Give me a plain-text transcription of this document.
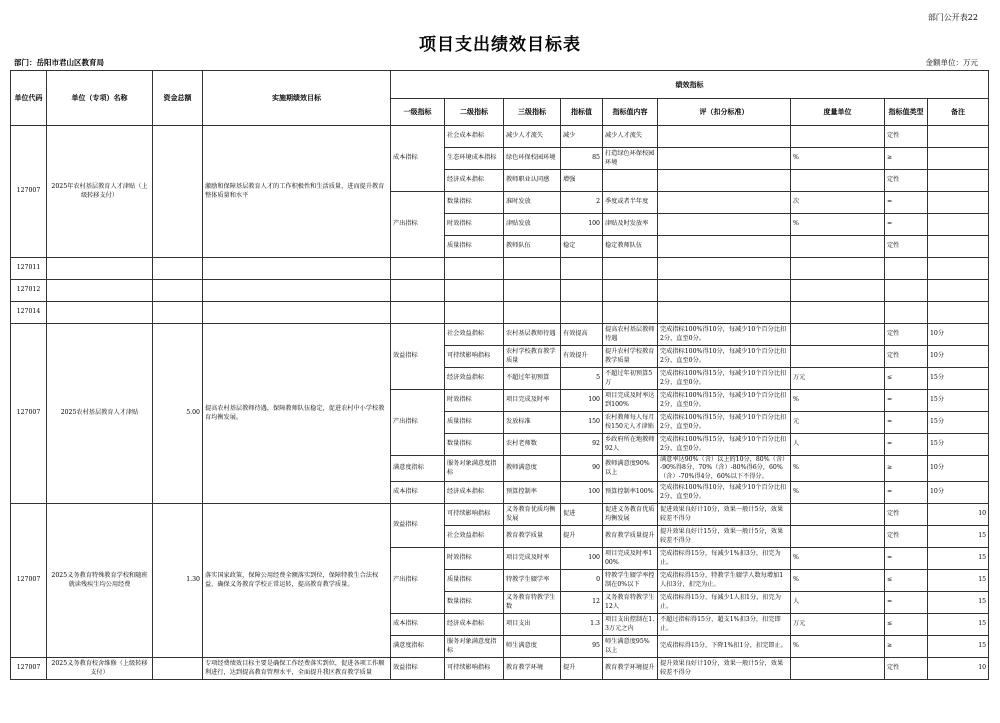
部门公开表22
项目支出绩效目标表
部门：岳阳市君山区教育局	金额单位：万元
单位代码	单位（专项）名称	资金总额	实施期绩效目标	绩效指标								
				一级指标	二级指标	三级指标	指标值	指标值内容	评（扣分标准）	度量单位	指标值类型	备注
127007	2025年农村基层教育人才津贴（上级转移支付）		激励和保障基层教育人才的工作积极性和生活质量，进而提升教育整体质量和水平	成本指标	社会成本指标	减少人才流失	减少	减少人才流失			定性	
					生态环境成本指标	绿色环保校园环境	85	打造绿色环保校园环境		%	≥	
					经济成本指标	教师职业认同感	增强				定性	
				产出指标	数量指标	准时发放	2	季度或者半年度		次	=	
					时效指标	津贴发放	100	津贴及时发放率		%	=	
					质量指标	教师队伍	稳定	稳定教师队伍			定性	
127011												
127012												
127014												
127007	2025农村基层教育人才津贴	5.00	提高农村基层教师待遇，保障教师队伍稳定，促进农村中小学校教育均衡发展。	效益指标	社会效益指标	农村基层教师待遇	有效提高	提高农村基层教师待遇	完成指标100%得10分，每减少10个百分比扣2分，直至0分。		定性	10分
					可持续影响指标	农村学校教育教学质量	有效提升	提升农村学校教育教学质量	完成指标100%得10分，每减少10个百分比扣2分，直至0分。		定性	10分
					经济效益指标	不超过年初预算	5	不超过年初预算5万	完成指标100%得15分，每减少10个百分比扣2分，直至0分。	万元	≤	15分
				产出指标	时效指标	项目完成及时率	100	项目完成及时率达到100%	完成指标100%得15分，每减少10个百分比扣2分，直至0分。	%	=	15分
					质量指标	发放标准	150	农村教师每人每月按150元人才津贴	完成指标100%得15分，每减少10个百分比扣2分，直至0分。	元	=	15分
					数量指标	农村老师数	92	乡政府所在地教师92人	完成指标100%得15分，每减少10个百分比扣2分，直至0分。	人	=	15分
				满意度指标	服务对象满意度指标	教师满意度	90	教师满意度90%以上	满意率达90%（含）以上的10分，80%（含）-90%得8分，70%（含）-80%得6分，60%（含）-70%得4分，60%以下不得分。	%	≥	10分
				成本指标	经济成本指标	预算控制率	100	预算控制率100%	完成指标100%得10分，每减少10个百分比扣2分，直至0分。	%	=	10分
127007	2025义务教育特殊教育学校和随班就读残疾生均公用经费	1.30	落实国家政策，保障公用经费全额落实到位，保障特教生合法权益，确保义务教育学校正常运转，提高教育教学质量。	效益指标	可持续影响指标	义务教育优质均衡发展	促进	促进义务教育优质均衡发展	促进效果良好计10分，效果一般计5分，效果较差不得分		定性	10
					社会效益指标	教育教学质量	提升	教育教学质量提升	提升效果良好计15分，效果一般计5分，效果较差不得分		定性	15
				产出指标	时效指标	项目完成及时率	100	项目完成及时率100%	完成指标得15分，每减少1%扣3分，扣完为止。	%	=	15
					质量指标	特教学生辍学率	0	特教学生辍学率控制在0%以下	完成指标得15分，特教学生辍学人数每增加1人扣3分，扣完为止。	%	≤	15
					数量指标	义务教育特教学生数	12	义务教育特教学生12人	完成指标得15分，每减少1人扣1分，扣完为止。	人	=	15
				成本指标	经济成本指标	项目支出	1.3	项目支出控制在1.3万元之内	不超过指标得15分，超支1%扣3分，扣完即止。	万元	≤	15
				满意度指标	服务对象满意度指标	师生满意度	95	师生满意度95%以上	完成指标得15分，下降1%扣1分，扣完即止。	%	≥	15
127007	2025义务教育校舍维修（上级转移支付）		专项经费绩效目标主要是确保工作经费落实到位，促进各项工作顺利进行，达到提高教育管理水平，全面提升我区教育教学质量	效益指标	可持续影响指标	教育教学环境	提升	教育教学环境提升	提升效果良好计10分，效果一般计5分，效果较差不得分		定性	10
